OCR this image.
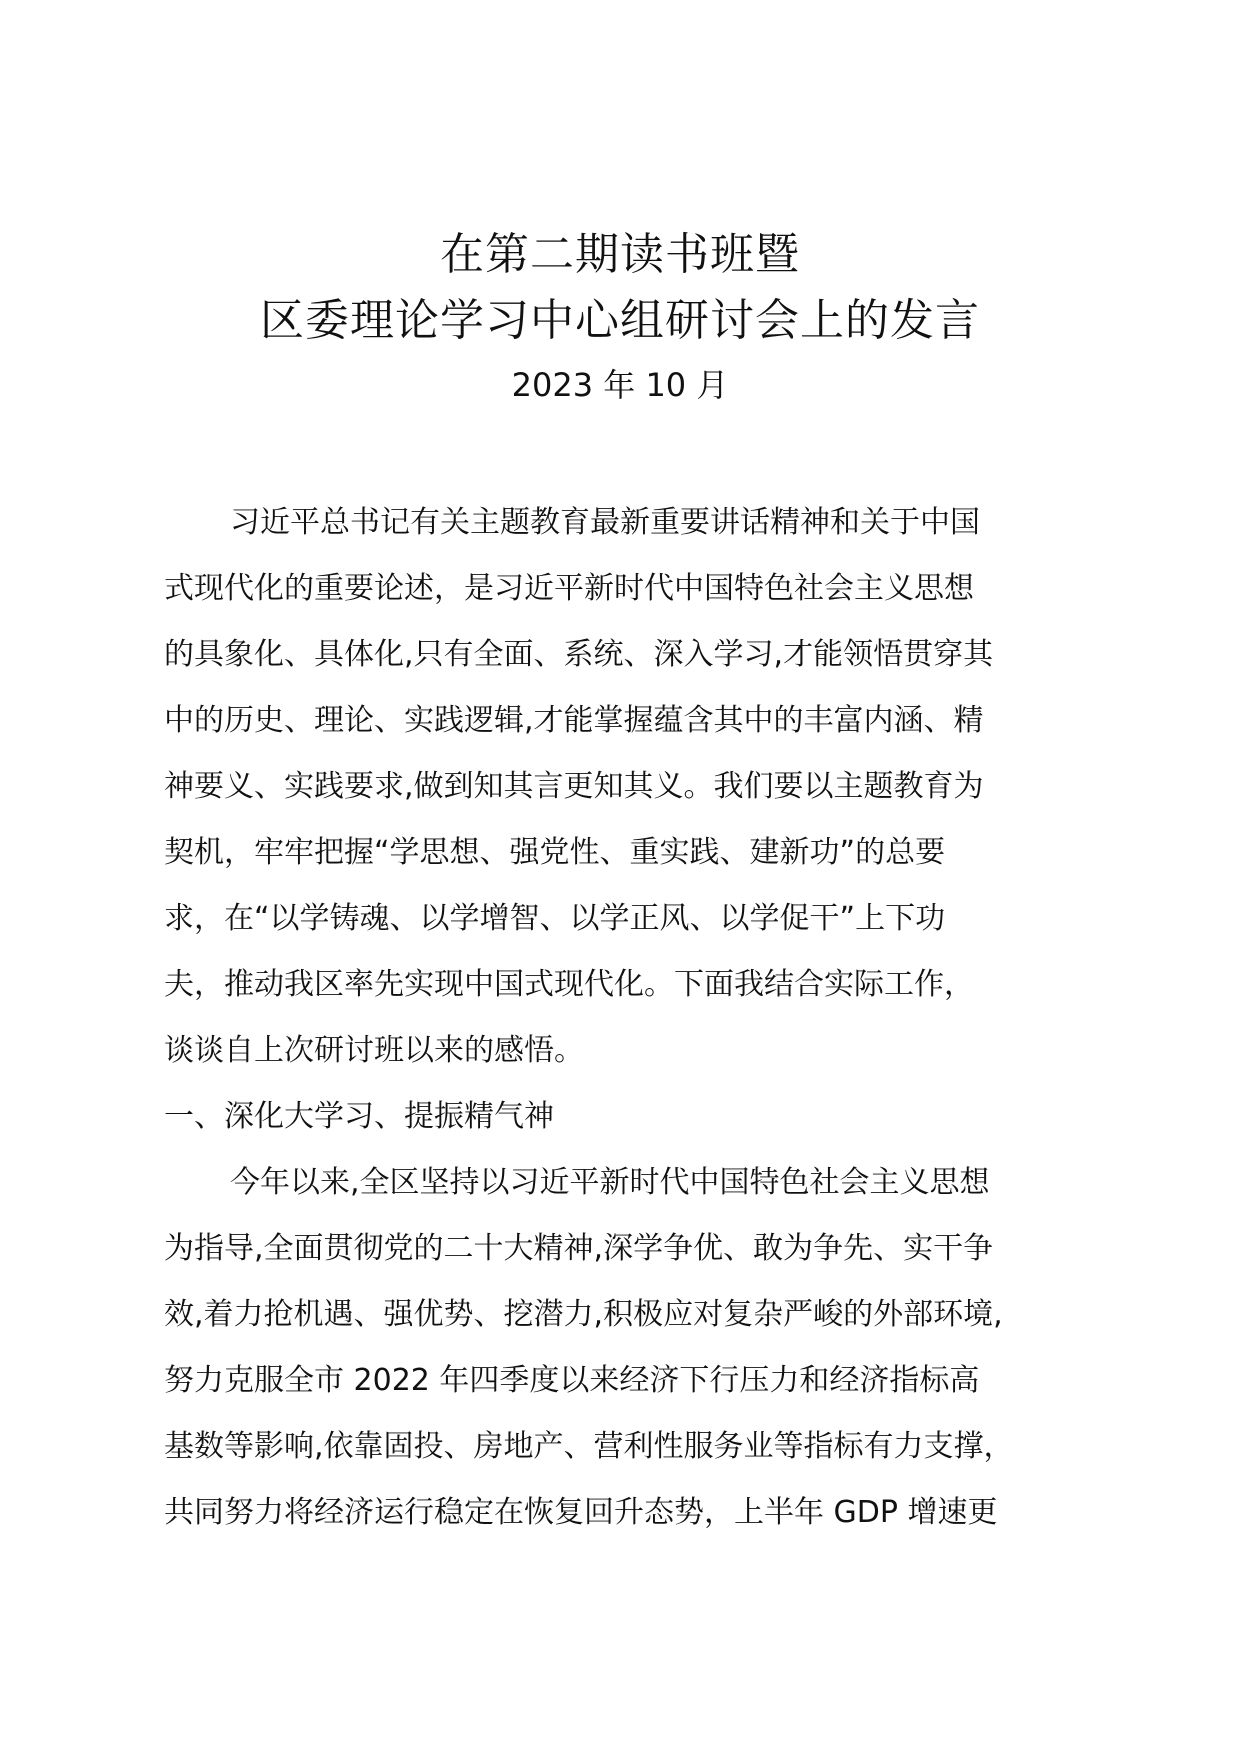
在第二期读书班暨
区委理论学习中心组研讨会上的发言
2023 年 10 月
习近平总书记有关主题教育最新重要讲话精神和关于中国
式现代化的重要论述，是习近平新时代中国特色社会主义思想
的具象化、具体化,只有全面、系统、深入学习,才能领悟贯穿其
中的历史、理论、实践逻辑,才能掌握蕴含其中的丰富内涵、精
神要义、实践要求,做到知其言更知其义。我们要以主题教育为
契机，牢牢把握“学思想、强党性、重实践、建新功”的总要
求，在“以学铸魂、以学增智、以学正风、以学促干”上下功
夫，推动我区率先实现中国式现代化。下面我结合实际工作，
谈谈自上次研讨班以来的感悟。
一、深化大学习、提振精气神
今年以来,全区坚持以习近平新时代中国特色社会主义思想
为指导,全面贯彻党的二十大精神,深学争优、敢为争先、实干争
效,着力抢机遇、强优势、挖潜力,积极应对复杂严峻的外部环境,
努力克服全市 2022 年四季度以来经济下行压力和经济指标高
基数等影响,依靠固投、房地产、营利性服务业等指标有力支撑，
共同努力将经济运行稳定在恢复回升态势，上半年 GDP 增速更
